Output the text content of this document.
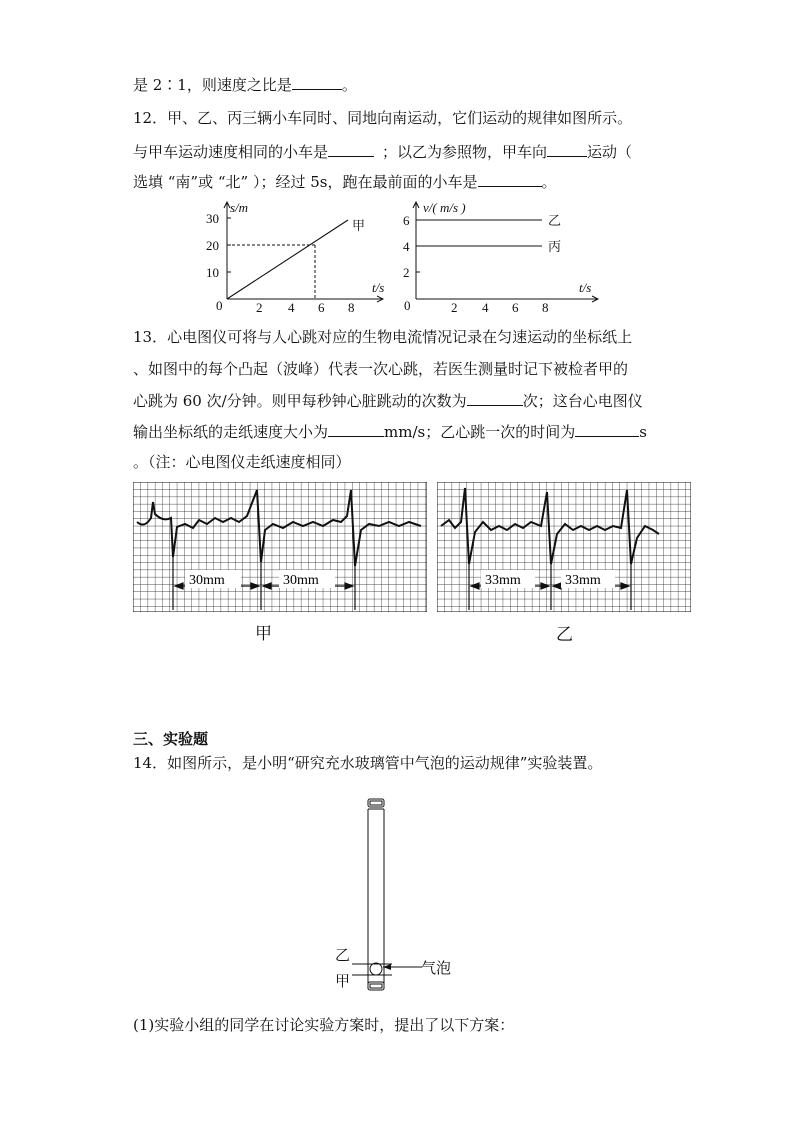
是 2∶1，则速度之比是	。
12．甲、乙、丙三辆小车同时、同地向南运动，它们运动的规律如图所示。
与甲车运动速度相同的小车是	；以乙为参照物，甲车向	运动（
选填 “南”或 “北” ）；经过 5s，跑在最前面的小车是	。
s/m
30
20
10
0	2 4 6 8
t/s
甲
v/( m/s )
6
4
2
0	2 4 6 8
t/s
乙
丙
13．心电图仪可将与人心跳对应的生物电流情况记录在匀速运动的坐标纸上
、如图中的每个凸起（波峰）代表一次心跳，若医生测量时记下被检者甲的
心跳为 60 次/分钟。则甲每秒钟心脏跳动的次数为	次；这台心电图仪
输出坐标纸的走纸速度大小为	mm/s；乙心跳一次的时间为	s
。（注：心电图仪走纸速度相同）
30mm	30mm
甲
33mm	33mm
乙
三、实验题
14．如图所示，是小明“研究充水玻璃管中气泡的运动规律”实验装置。
乙
甲
气泡
(1)实验小组的同学在讨论实验方案时，提出了以下方案：
